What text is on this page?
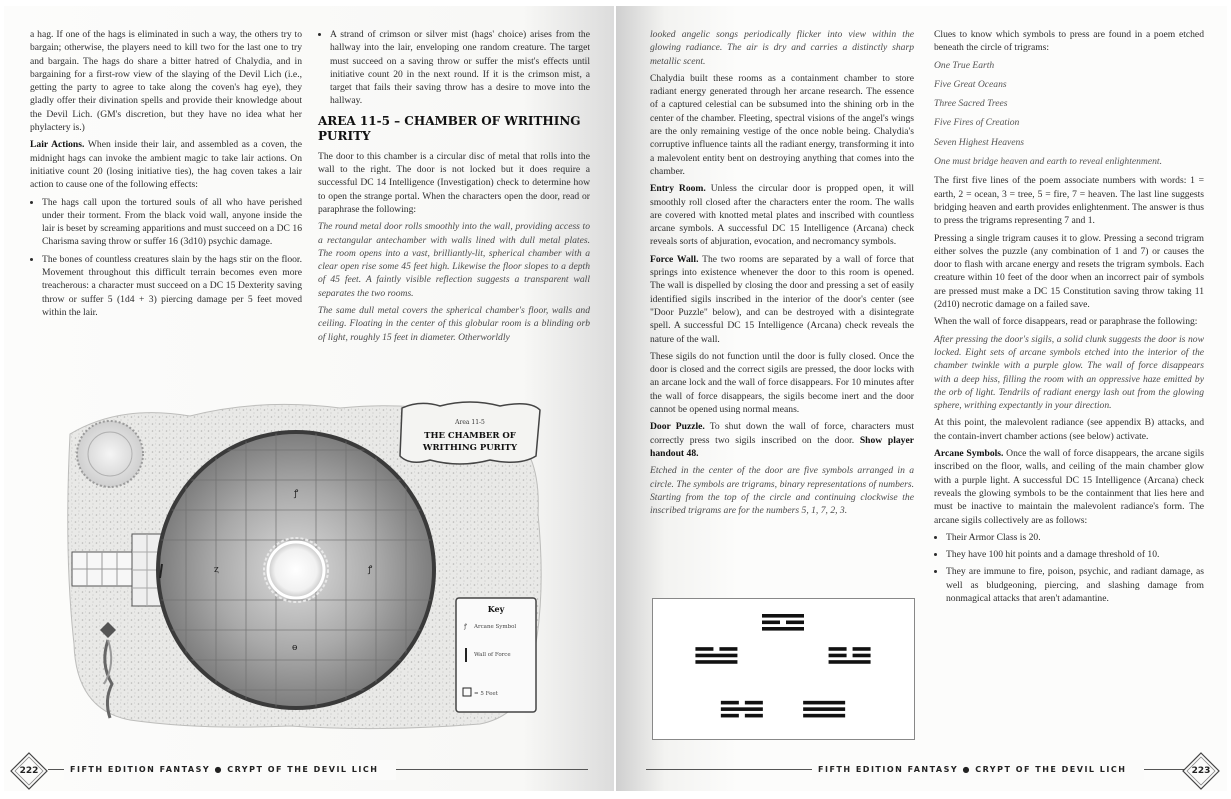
a hag. If one of the hags is eliminated in such a way, the others try to bargain; otherwise, the players need to kill two for the last one to try and bargain. The hags do share a bitter hatred of Chalydia, and in bargaining for a first-row view of the slaying of the Devil Lich (i.e., getting the party to agree to take along the coven's hag eye), they gladly offer their divination spells and provide their knowledge about the Devil Lich. (GM's discretion, but they have no idea what her phylactery is.)

Lair Actions. When inside their lair, and assembled as a coven, the midnight hags can invoke the ambient magic to take lair actions. On initiative count 20 (losing initiative ties), the hag coven takes a lair action to cause one of the following effects:

• The hags call upon the tortured souls of all who have perished under their torment. From the black void wall, anyone inside the lair is beset by screaming apparitions and must succeed on a DC 16 Charisma saving throw or suffer 16 (3d10) psychic damage.
• The bones of countless creatures slain by the hags stir on the floor. Movement throughout this difficult terrain becomes even more treacherous: a character must succeed on a DC 15 Dexterity saving throw or suffer 5 (1d4 + 3) piercing damage per 5 feet moved within the lair.
• A strand of crimson or silver mist (hags' choice) arises from the hallway into the lair, enveloping one random creature. The target must succeed on a saving throw or suffer the mist's effects until initiative count 20 in the next round. If it is the crimson mist, a target that fails their saving throw has a desire to move into the hallway.
AREA 11-5 – CHAMBER OF WRITHING PURITY

The door to this chamber is a circular disc of metal that rolls into the wall to the right. The door is not locked but it does require a successful DC 14 Intelligence (Investigation) check to determine how to open the strange portal. When the characters open the door, read or paraphrase the following:

The round metal door rolls smoothly into the wall, providing access to a rectangular antechamber with walls lined with dull metal plates. The room opens into a vast, brilliantly-lit, spherical chamber with a clear open rise some 45 feet high. Likewise the floor slopes to a depth of 45 feet. A faintly visible reflection suggests a transparent wall separates the two rooms.

The same dull metal covers the spherical chamber's floor, walls and ceiling. Floating in the center of this globular room is a blinding orb of light, roughly 15 feet in diameter. Otherworldly

ꝭ
ⱬ	ꝭ
ɵ
Area 11-5
THE CHAMBER OF
WRITHING PURITY
Key
ꝭ Arcane Symbol
Wall of Force
= 5 Feet
FIFTH EDITION FANTASY ● CRYPT OF THE DEVIL LICH
222

looked angelic songs periodically flicker into view within the glowing radiance. The air is dry and carries a distinctly sharp metallic scent.

Chalydia built these rooms as a containment chamber to store radiant energy generated through her arcane research. The essence of a captured celestial can be subsumed into the shining orb in the center of the chamber. Fleeting, spectral visions of the angel's wings are the only remaining vestige of the once noble being. Chalydia's corruptive influence taints all the radiant energy, transforming it into a malevolent entity bent on destroying anything that comes into the chamber.

Entry Room. Unless the circular door is propped open, it will smoothly roll closed after the characters enter the room. The walls are covered with knotted metal plates and inscribed with countless arcane symbols. A successful DC 15 Intelligence (Arcana) check reveals sorts of abjuration, evocation, and necromancy symbols.

Force Wall. The two rooms are separated by a wall of force that springs into existence whenever the door to this room is opened. The wall is dispelled by closing the door and pressing a set of easily identified sigils inscribed in the interior of the door's center (see "Door Puzzle" below), and can be destroyed with a disintegrate spell. A successful DC 15 Intelligence (Arcana) check reveals the nature of the wall.

These sigils do not function until the door is fully closed. Once the door is closed and the correct sigils are pressed, the door locks with an arcane lock and the wall of force disappears. For 10 minutes after the wall of force disappears, the sigils become inert and the door cannot be opened using normal means.

Door Puzzle. To shut down the wall of force, characters must correctly press two sigils inscribed on the door. Show player handout 48.

Etched in the center of the door are five symbols arranged in a circle. The symbols are trigrams, binary representations of numbers. Starting from the top of the circle and continuing clockwise the inscribed trigrams are for the numbers 5, 1, 7, 2, 3.

Clues to know which symbols to press are found in a poem etched beneath the circle of trigrams:

One True Earth

Five Great Oceans

Three Sacred Trees

Five Fires of Creation

Seven Highest Heavens

One must bridge heaven and earth to reveal enlightenment.

The first five lines of the poem associate numbers with words: 1 = earth, 2 = ocean, 3 = tree, 5 = fire, 7 = heaven. The last line suggests bridging heaven and earth provides enlightenment. The answer is thus to press the trigrams representing 7 and 1.

Pressing a single trigram causes it to glow. Pressing a second trigram either solves the puzzle (any combination of 1 and 7) or causes the door to flash with arcane energy and resets the trigram symbols. Each creature within 10 feet of the door when an incorrect pair of symbols are pressed must make a DC 15 Constitution saving throw taking 11 (2d10) necrotic damage on a failed save.

When the wall of force disappears, read or paraphrase the following:

After pressing the door's sigils, a solid clunk suggests the door is now locked. Eight sets of arcane symbols etched into the interior of the chamber twinkle with a purple glow. The wall of force disappears with a deep hiss, filling the room with an oppressive haze emitted by the orb of light. Tendrils of radiant energy lash out from the glowing sphere, writhing expectantly in your direction.

At this point, the malevolent radiance (see appendix B) attacks, and the contain-invert chamber actions (see below) activate.

Arcane Symbols. Once the wall of force disappears, the arcane sigils inscribed on the floor, walls, and ceiling of the main chamber glow with a purple light. A successful DC 15 Intelligence (Arcana) check reveals the glowing symbols to be the containment that lies here and must be inactive to maintain the malevolent radiance's form. The arcane sigils collectively are as follows:

• Their Armor Class is 20.
• They have 100 hit points and a damage threshold of 10.
• They are immune to fire, poison, psychic, and radiant damage, as well as bludgeoning, piercing, and slashing damage from nonmagical attacks that aren't adamantine.
FIFTH EDITION FANTASY ● CRYPT OF THE DEVIL LICH	223
